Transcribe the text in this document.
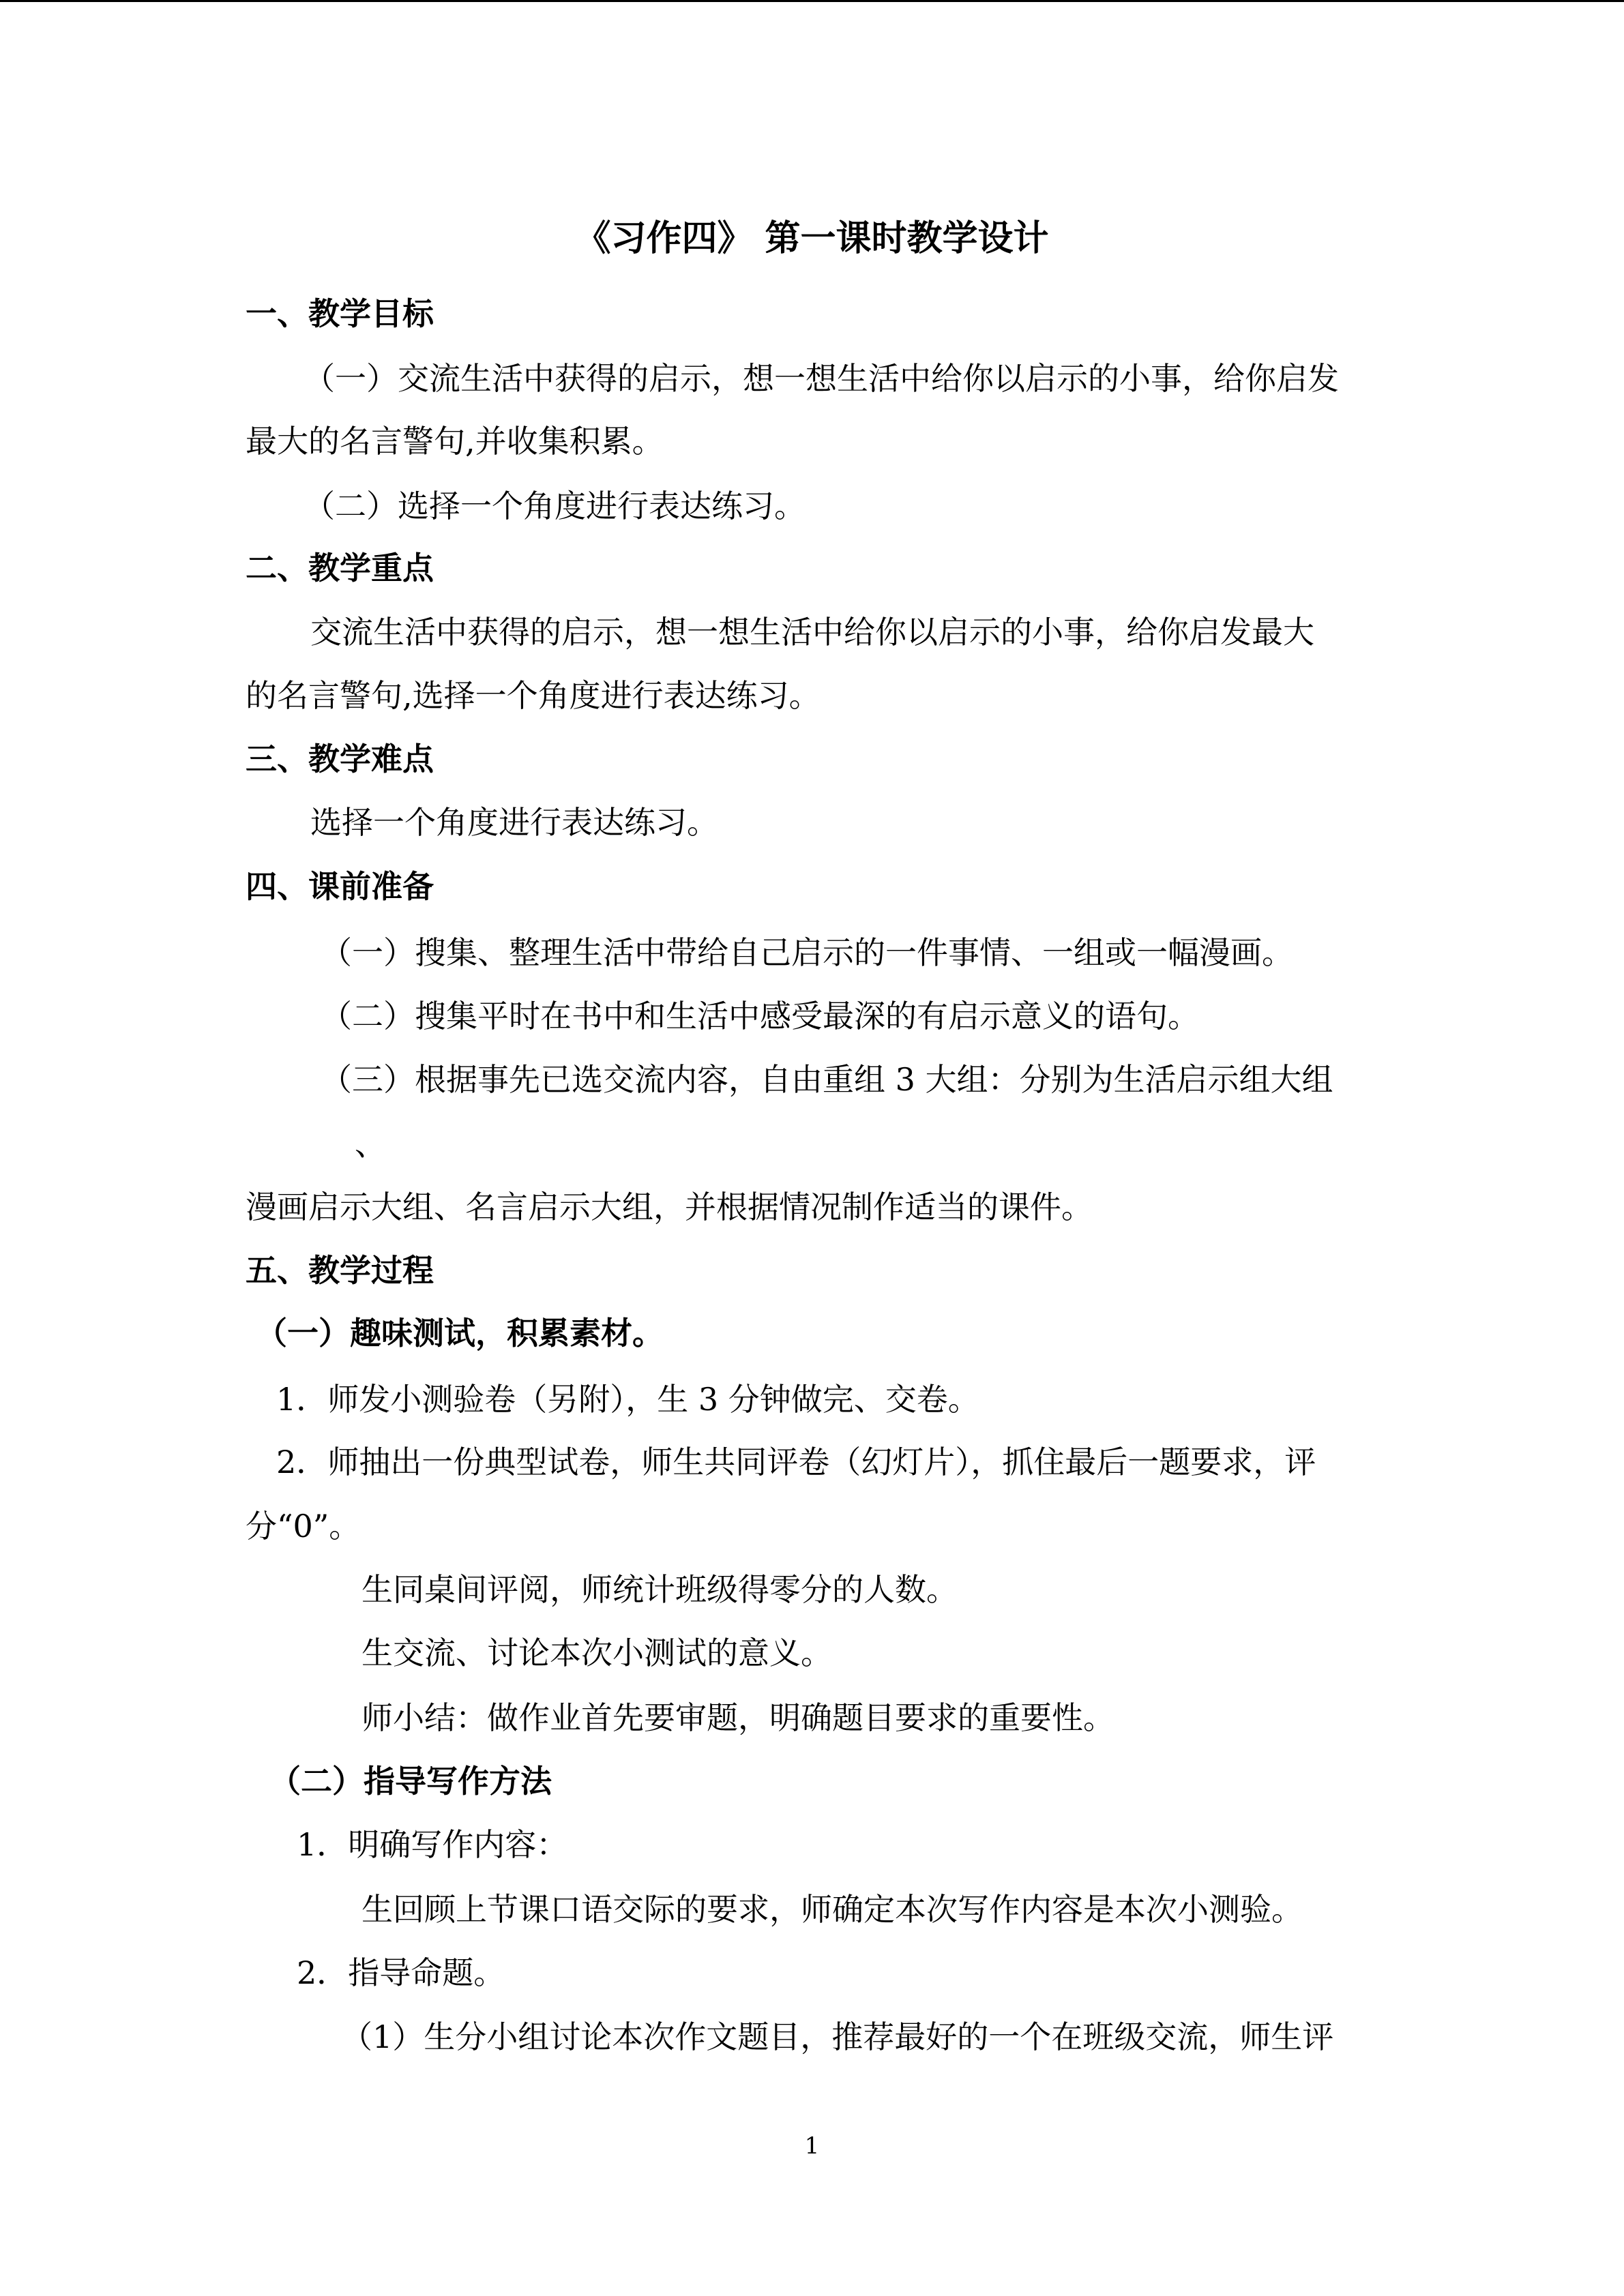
《习作四》 第一课时教学设计
一、教学目标
（一）交流生活中获得的启示，想一想生活中给你以启示的小事，给你启发
最大的名言警句,并收集积累。
（二）选择一个角度进行表达练习。
二、教学重点
交流生活中获得的启示，想一想生活中给你以启示的小事，给你启发最大
的名言警句,选择一个角度进行表达练习。
三、教学难点
选择一个角度进行表达练习。
四、课前准备
（一）搜集、整理生活中带给自己启示的一件事情、一组或一幅漫画。
（二）搜集平时在书中和生活中感受最深的有启示意义的语句。
（三）根据事先已选交流内容，自由重组 3 大组：分别为生活启示组大组
、
漫画启示大组、名言启示大组，并根据情况制作适当的课件。
五、教学过程
（一）趣味测试，积累素材。
1．师发小测验卷（另附），生 3 分钟做完、交卷。
2．师抽出一份典型试卷，师生共同评卷（幻灯片），抓住最后一题要求，评
分“0”。
生同桌间评阅，师统计班级得零分的人数。
生交流、讨论本次小测试的意义。
师小结：做作业首先要审题，明确题目要求的重要性。
（二）指导写作方法
1．明确写作内容：
生回顾上节课口语交际的要求，师确定本次写作内容是本次小测验。
2．指导命题。
（1）生分小组讨论本次作文题目，推荐最好的一个在班级交流，师生评
1
